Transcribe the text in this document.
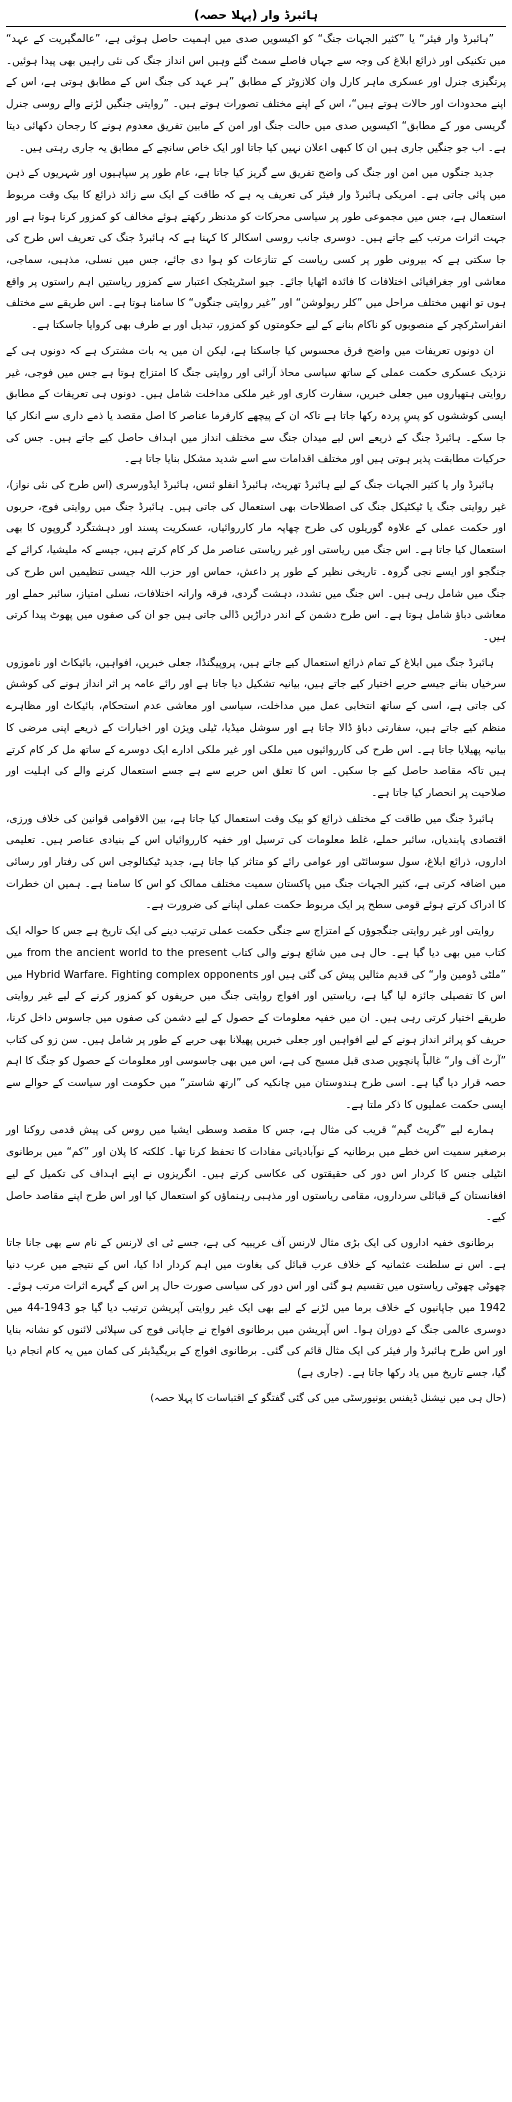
ہائبرڈ وار (پہلا حصہ)

”ہائبرڈ وار فیئر“ یا ”کثیر الجہات جنگ“ کو اکیسویں صدی میں اہمیت حاصل ہوئی ہے، ”عالمگیریت کے عہد“ میں تکنیکی اور ذرائع ابلاغ کی وجہ سے جہاں فاصلے سمٹ گئے وہیں اس انداز جنگ کی نئی راہیں بھی پیدا ہوئیں۔ پرتگیزی جنرل اور عسکری ماہر کارل وان کلازوٹز کے مطابق ”ہر عہد کی جنگ اس کے مطابق ہوتی ہے، اس کے اپنے محدودات اور حالات ہوتے ہیں“، اس کے اپنے مختلف تصورات ہوتے ہیں۔ ”روایتی جنگیں لڑنے والے روسی جنرل گریسی مور کے مطابق“ اکیسویں صدی میں حالت جنگ اور امن کے مابین تفریق معدوم ہونے کا رجحان دکھائی دیتا ہے۔ اب جو جنگیں جاری ہیں ان کا کبھی اعلان نہیں کیا جاتا اور ایک خاص سانچے کے مطابق یہ جاری رہتی ہیں۔

جدید جنگوں میں امن اور جنگ کی واضح تفریق سے گریز کیا جاتا ہے، عام طور پر سپاہیوں اور شہریوں کے ذہن میں پائی جاتی ہے۔ امریکی ہائبرڈ وار فیئر کی تعریف یہ ہے کہ طاقت کے ایک سے زائد ذرائع کا بیک وقت مربوط استعمال ہے، جس میں مجموعی طور پر سیاسی محرکات کو مدنظر رکھتے ہوئے مخالف کو کمزور کرنا ہوتا ہے اور جہت اثرات مرتب کیے جاتے ہیں۔ دوسری جانب روسی اسکالر کا کہنا ہے کہ ہائبرڈ جنگ کی تعریف اس طرح کی جا سکتی ہے کہ بیرونی طور پر کسی ریاست کے تنازعات کو ہوا دی جائے، جس میں نسلی، مذہبی، سماجی، معاشی اور جغرافیائی اختلافات کا فائدہ اٹھایا جائے۔ جیو اسٹریٹجک اعتبار سے کمزور ریاستیں اہم راستوں پر واقع ہوں تو انھیں مختلف مراحل میں ”کلر ریولوشن“ اور ”غیر روایتی جنگوں“ کا سامنا ہوتا ہے۔ اس طریقے سے مختلف انفراسٹرکچر کے منصوبوں کو ناکام بنانے کے لیے حکومتوں کو کمزور، تبدیل اور بے طرف بھی کروایا جاسکتا ہے۔

ان دونوں تعریفات میں واضح فرق محسوس کیا جاسکتا ہے، لیکن ان میں یہ بات مشترک ہے کہ دونوں ہی کے نزدیک عسکری حکمت عملی کے ساتھ سیاسی محاذ آرائی اور روایتی جنگ کا امتزاج ہوتا ہے جس میں فوجی، غیر روایتی ہتھیاروں میں جعلی خبریں، سفارت کاری اور غیر ملکی مداخلت شامل ہیں۔ دونوں ہی تعریفات کے مطابق ایسی کوششوں کو پسِ پردہ رکھا جاتا ہے تاکہ ان کے پیچھے کارفرما عناصر کا اصل مقصد یا ذمے داری سے انکار کیا جا سکے۔ ہائبرڈ جنگ کے ذریعے اس لیے میدان جنگ سے مختلف انداز میں اہداف حاصل کیے جاتے ہیں۔ جس کی حرکیات مطابقت پذیر ہوتی ہیں اور مختلف اقدامات سے اسے شدید مشکل بنایا جاتا ہے۔

ہائبرڈ وار یا کثیر الجہات جنگ کے لیے ہائبرڈ تھریٹ، ہائبرڈ انفلو ئنس، ہائبرڈ ایڈورسری (اس طرح کی نئی نواز)، غیر روایتی جنگ یا ٹیکٹیکل جنگ کی اصطلاحات بھی استعمال کی جاتی ہیں۔ ہائبرڈ جنگ میں روایتی فوج، حربوں اور حکمت عملی کے علاوہ گوریلوں کی طرح چھاپہ مار کارروائیاں، عسکریت پسند اور دہشتگرد گروپوں کا بھی استعمال کیا جاتا ہے۔ اس جنگ میں ریاستی اور غیر ریاستی عناصر مل کر کام کرتے ہیں، جیسے کہ ملیشیا، کرائے کے جنگجو اور ایسے نجی گروہ۔ تاریخی نظیر کے طور پر داعش، حماس اور حزب اللہ جیسی تنظیمیں اس طرح کی جنگ میں شامل رہی ہیں۔ اس جنگ میں تشدد، دہشت گردی، فرقہ وارانہ اختلافات، نسلی امتیاز، سائبر حملے اور معاشی دباؤ شامل ہوتا ہے۔ اس طرح دشمن کے اندر دراڑیں ڈالی جاتی ہیں جو ان کی صفوں میں پھوٹ پیدا کرتی ہیں۔

ہائبرڈ جنگ میں ابلاغ کے تمام ذرائع استعمال کیے جاتے ہیں، پروپیگنڈا، جعلی خبریں، افواہیں، بائیکاٹ اور ناموزوں سرخیاں بنانے جیسے حربے اختیار کیے جاتے ہیں، بیانیہ تشکیل دیا جاتا ہے اور رائے عامہ پر اثر انداز ہونے کی کوشش کی جاتی ہے، اسی کے ساتھ انتخابی عمل میں مداخلت، سیاسی اور معاشی عدم استحکام، بائیکاٹ اور مظاہرے منظم کیے جاتے ہیں، سفارتی دباؤ ڈالا جاتا ہے اور سوشل میڈیا، ٹیلی ویژن اور اخبارات کے ذریعے اپنی مرضی کا بیانیہ پھیلایا جاتا ہے۔ اس طرح کی کارروائیوں میں ملکی اور غیر ملکی ادارے ایک دوسرے کے ساتھ مل کر کام کرتے ہیں تاکہ مقاصد حاصل کیے جا سکیں۔ اس کا تعلق اس حربے سے ہے جسے استعمال کرنے والے کی اہلیت اور صلاحیت پر انحصار کیا جاتا ہے۔

ہائبرڈ جنگ میں طاقت کے مختلف ذرائع کو بیک وقت استعمال کیا جاتا ہے، بین الاقوامی قوانین کی خلاف ورزی، اقتصادی پابندیاں، سائبر حملے، غلط معلومات کی ترسیل اور خفیہ کارروائیاں اس کے بنیادی عناصر ہیں۔ تعلیمی اداروں، ذرائع ابلاغ، سول سوسائٹی اور عوامی رائے کو متاثر کیا جاتا ہے، جدید ٹیکنالوجی اس کی رفتار اور رسائی میں اضافہ کرتی ہے، کثیر الجہات جنگ میں پاکستان سمیت مختلف ممالک کو اس کا سامنا ہے۔ ہمیں ان خطرات کا ادراک کرتے ہوئے قومی سطح پر ایک مربوط حکمت عملی اپنانے کی ضرورت ہے۔

روایتی اور غیر روایتی جنگجوؤں کے امتزاج سے جنگی حکمت عملی ترتیب دینے کی ایک تاریخ ہے جس کا حوالہ ایک کتاب میں بھی دیا گیا ہے۔ حال ہی میں شائع ہونے والی کتاب from the ancient world to the present میں ”ملٹی ڈومین وار“ کی قدیم مثالیں پیش کی گئی ہیں اور Hybrid Warfare. Fighting complex opponents میں اس کا تفصیلی جائزہ لیا گیا ہے، ریاستیں اور افواج روایتی جنگ میں حریفوں کو کمزور کرنے کے لیے غیر روایتی طریقے اختیار کرتی رہی ہیں۔ ان میں خفیہ معلومات کے حصول کے لیے دشمن کی صفوں میں جاسوس داخل کرنا، حریف کو پراثر انداز ہونے کے لیے افواہیں اور جعلی خبریں پھیلانا بھی حربے کے طور پر شامل ہیں۔ سن زو کی کتاب ”آرٹ آف وار“ غالباً پانچویں صدی قبل مسیح کی ہے، اس میں بھی جاسوسی اور معلومات کے حصول کو جنگ کا اہم حصہ قرار دیا گیا ہے۔ اسی طرح ہندوستان میں چانکیہ کی ”ارتھ شاستر“ میں حکومت اور سیاست کے حوالے سے ایسی حکمت عملیوں کا ذکر ملتا ہے۔

ہمارے لیے ”گریٹ گیم“ قریب کی مثال ہے، جس کا مقصد وسطی ایشیا میں روس کی پیش قدمی روکنا اور برصغیر سمیت اس خطے میں برطانیہ کے نوآبادیاتی مفادات کا تحفظ کرنا تھا۔ کلکتہ کا پلان اور ”کم“ میں برطانوی انٹیلی جنس کا کردار اس دور کی حقیقتوں کی عکاسی کرتے ہیں۔ انگریزوں نے اپنے اہداف کی تکمیل کے لیے افغانستان کے قبائلی سرداروں، مقامی ریاستوں اور مذہبی رہنماؤں کو استعمال کیا اور اس طرح اپنے مقاصد حاصل کیے۔

برطانوی خفیہ اداروں کی ایک بڑی مثال لارنس آف عریبیہ کی ہے، جسے ٹی ای لارنس کے نام سے بھی جانا جاتا ہے۔ اس نے سلطنت عثمانیہ کے خلاف عرب قبائل کی بغاوت میں اہم کردار ادا کیا، اس کے نتیجے میں عرب دنیا چھوٹی چھوٹی ریاستوں میں تقسیم ہو گئی اور اس دور کی سیاسی صورت حال پر اس کے گہرے اثرات مرتب ہوئے۔ 1942 میں جاپانیوں کے خلاف برما میں لڑنے کے لیے بھی ایک غیر روایتی آپریشن ترتیب دیا گیا جو 1943-44 میں دوسری عالمی جنگ کے دوران ہوا۔ اس آپریشن میں برطانوی افواج نے جاپانی فوج کی سپلائی لائنوں کو نشانہ بنایا اور اس طرح ہائبرڈ وار فیئر کی ایک مثال قائم کی گئی۔ برطانوی افواج کے بریگیڈیئر کی کمان میں یہ کام انجام دیا گیا، جسے تاریخ میں یاد رکھا جاتا ہے۔ (جاری ہے)

(حال ہی میں نیشنل ڈیفنس یونیورسٹی میں کی گئی گفتگو کے اقتباسات کا پہلا حصہ)
